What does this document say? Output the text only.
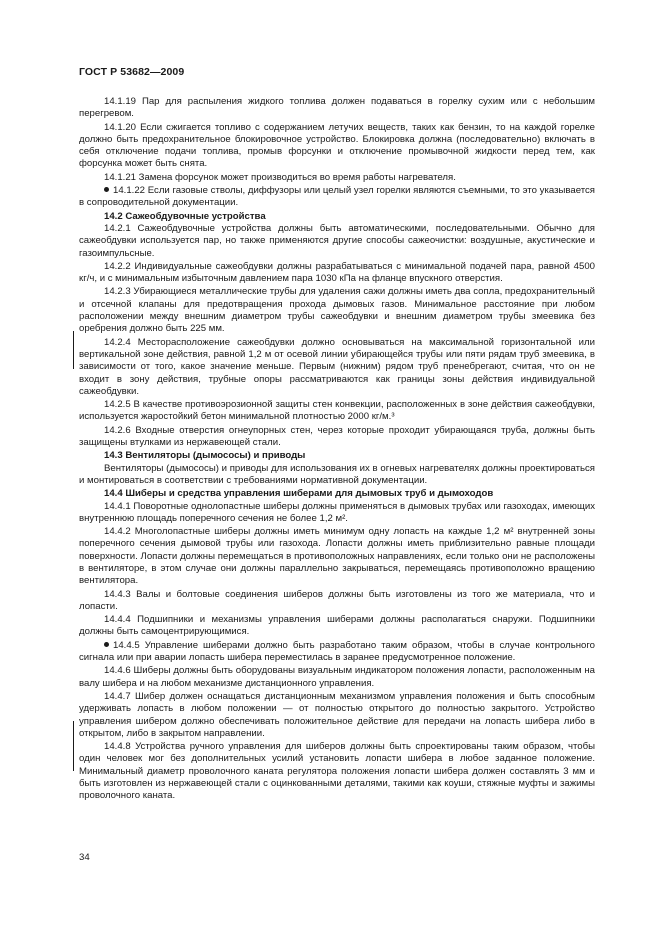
ГОСТ Р 53682—2009

14.1.19 Пар для распыления жидкого топлива должен подаваться в горелку сухим или с небольшим перегревом.

14.1.20 Если сжигается топливо с содержанием летучих веществ, таких как бензин, то на каждой горелке должно быть предохранительное блокировочное устройство. Блокировка должна (последовательно) включать в себя отключение подачи топлива, промыв форсунки и отключение промывочной жидкости перед тем, как форсунка может быть снята.

14.1.21 Замена форсунок может производиться во время работы нагревателя.

14.1.22 Если газовые стволы, диффузоры или целый узел горелки являются съемными, то это указывается в сопроводительной документации.

14.2 Сажеобдувочные устройства

14.2.1 Сажеобдувочные устройства должны быть автоматическими, последовательными. Обычно для сажеобдувки используется пар, но также применяются другие способы сажеочистки: воздушные, акустические и газоимпульсные.

14.2.2 Индивидуальные сажеобдувки должны разрабатываться с минимальной подачей пара, равной 4500 кг/ч, и с минимальным избыточным давлением пара 1030 кПа на фланце впускного отверстия.

14.2.3 Убирающиеся металлические трубы для удаления сажи должны иметь два сопла, предохранительный и отсечной клапаны для предотвращения прохода дымовых газов. Минимальное расстояние при любом расположении между внешним диаметром трубы сажеобдувки и внешним диаметром трубы змеевика без оребрения должно быть 225 мм.

14.2.4 Месторасположение сажеобдувки должно основываться на максимальной горизонтальной или вертикальной зоне действия, равной 1,2 м от осевой линии убирающейся трубы или пяти рядам труб змеевика, в зависимости от того, какое значение меньше. Первым (нижним) рядом труб пренебрегают, считая, что он не входит в зону действия, трубные опоры рассматриваются как границы зоны действия индивидуальной сажеобдувки.

14.2.5 В качестве противоэрозионной защиты стен конвекции, расположенных в зоне действия сажеобдувки, используется жаростойкий бетон минимальной плотностью 2000 кг/м.³

14.2.6 Входные отверстия огнеупорных стен, через которые проходит убирающаяся труба, должны быть защищены втулками из нержавеющей стали.

14.3 Вентиляторы (дымососы) и приводы

Вентиляторы (дымососы) и приводы для использования их в огневых нагревателях должны проектироваться и монтироваться в соответствии с требованиями нормативной документации.

14.4 Шиберы и средства управления шиберами для дымовых труб и дымоходов

14.4.1 Поворотные однолопастные шиберы должны применяться в дымовых трубах или газоходах, имеющих внутреннюю площадь поперечного сечения не более 1,2 м².

14.4.2 Многолопастные шиберы должны иметь минимум одну лопасть на каждые 1,2 м² внутренней зоны поперечного сечения дымовой трубы или газохода. Лопасти должны иметь приблизительно равные площади поверхности. Лопасти должны перемещаться в противоположных направлениях, если только они не расположены в вентиляторе, в этом случае они должны параллельно закрываться, перемещаясь противоположно вращению вентилятора.

14.4.3 Валы и болтовые соединения шиберов должны быть изготовлены из того же материала, что и лопасти.

14.4.4 Подшипники и механизмы управления шиберами должны располагаться снаружи. Подшипники должны быть самоцентрирующимися.

14.4.5 Управление шиберами должно быть разработано таким образом, чтобы в случае контрольного сигнала или при аварии лопасть шибера переместилась в заранее предусмотренное положение.

14.4.6 Шиберы должны быть оборудованы визуальным индикатором положения лопасти, расположенным на валу шибера и на любом механизме дистанционного управления.

14.4.7 Шибер должен оснащаться дистанционным механизмом управления положения и быть способным удерживать лопасть в любом положении — от полностью открытого до полностью закрытого. Устройство управления шибером должно обеспечивать положительное действие для передачи на лопасть шибера либо в открытом, либо в закрытом направлении.

14.4.8 Устройства ручного управления для шиберов должны быть спроектированы таким образом, чтобы один человек мог без дополнительных усилий установить лопасти шибера в любое заданное положение. Минимальный диаметр проволочного каната регулятора положения лопасти шибера должен составлять 3 мм и быть изготовлен из нержавеющей стали с оцинкованными деталями, такими как коуши, стяжные муфты и зажимы проволочного каната.

34
